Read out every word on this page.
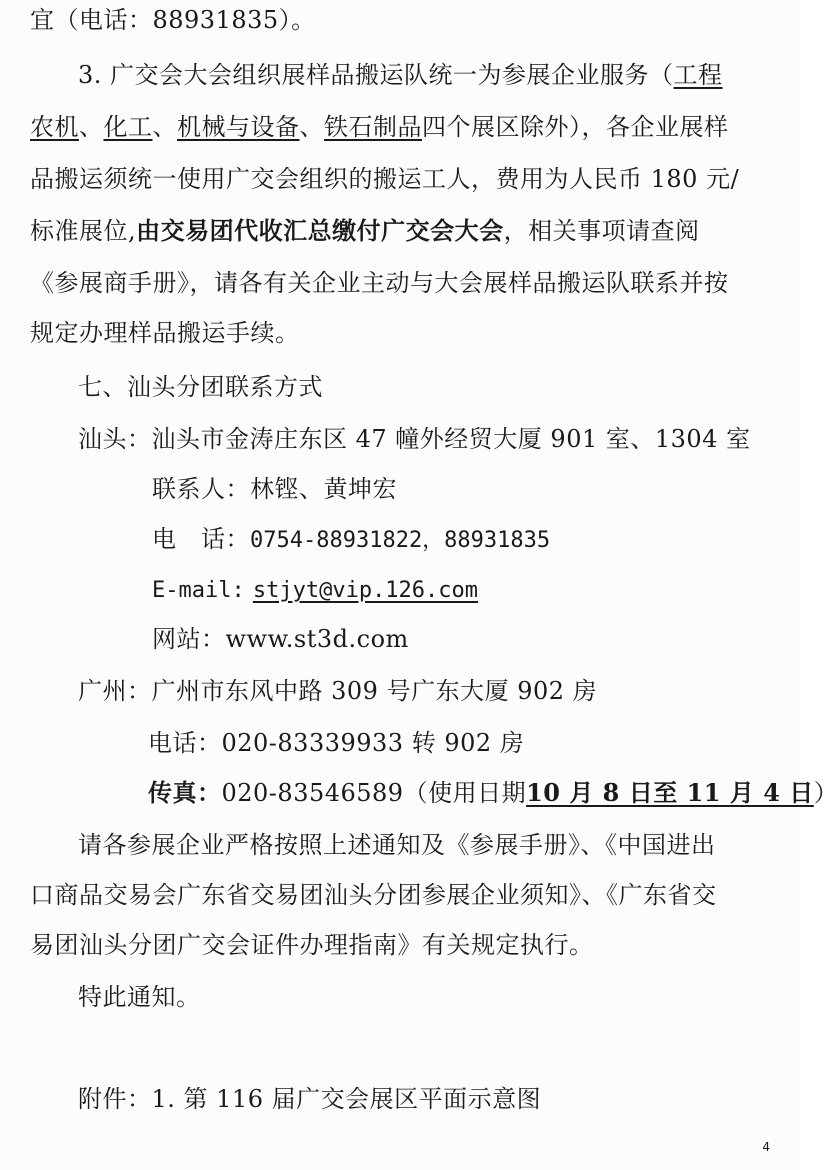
宜（电话：88931835）。
3. 广交会大会组织展样品搬运队统一为参展企业服务（工程
农机、化工、机械与设备、铁石制品四个展区除外），各企业展样
品搬运须统一使用广交会组织的搬运工人，费用为人民币 180 元/
标准展位,由交易团代收汇总缴付广交会大会，相关事项请查阅
《参展商手册》，请各有关企业主动与大会展样品搬运队联系并按
规定办理样品搬运手续。
七、汕头分团联系方式
汕头：汕头市金涛庄东区 47 幢外经贸大厦 901 室、1304 室
联系人：林铿、黄坤宏
电　话：0754-88931822，88931835
E-mail: stjyt@vip.126.com
网站：www.st3d.com
广州：广州市东风中路 309 号广东大厦 902 房
电话：020-83339933 转 902 房
传真：020-83546589（使用日期10 月 8 日至 11 月 4 日）
请各参展企业严格按照上述通知及《参展手册》、《中国进出
口商品交易会广东省交易团汕头分团参展企业须知》、《广东省交
易团汕头分团广交会证件办理指南》有关规定执行。
特此通知。
附件：1. 第 116 届广交会展区平面示意图
4
